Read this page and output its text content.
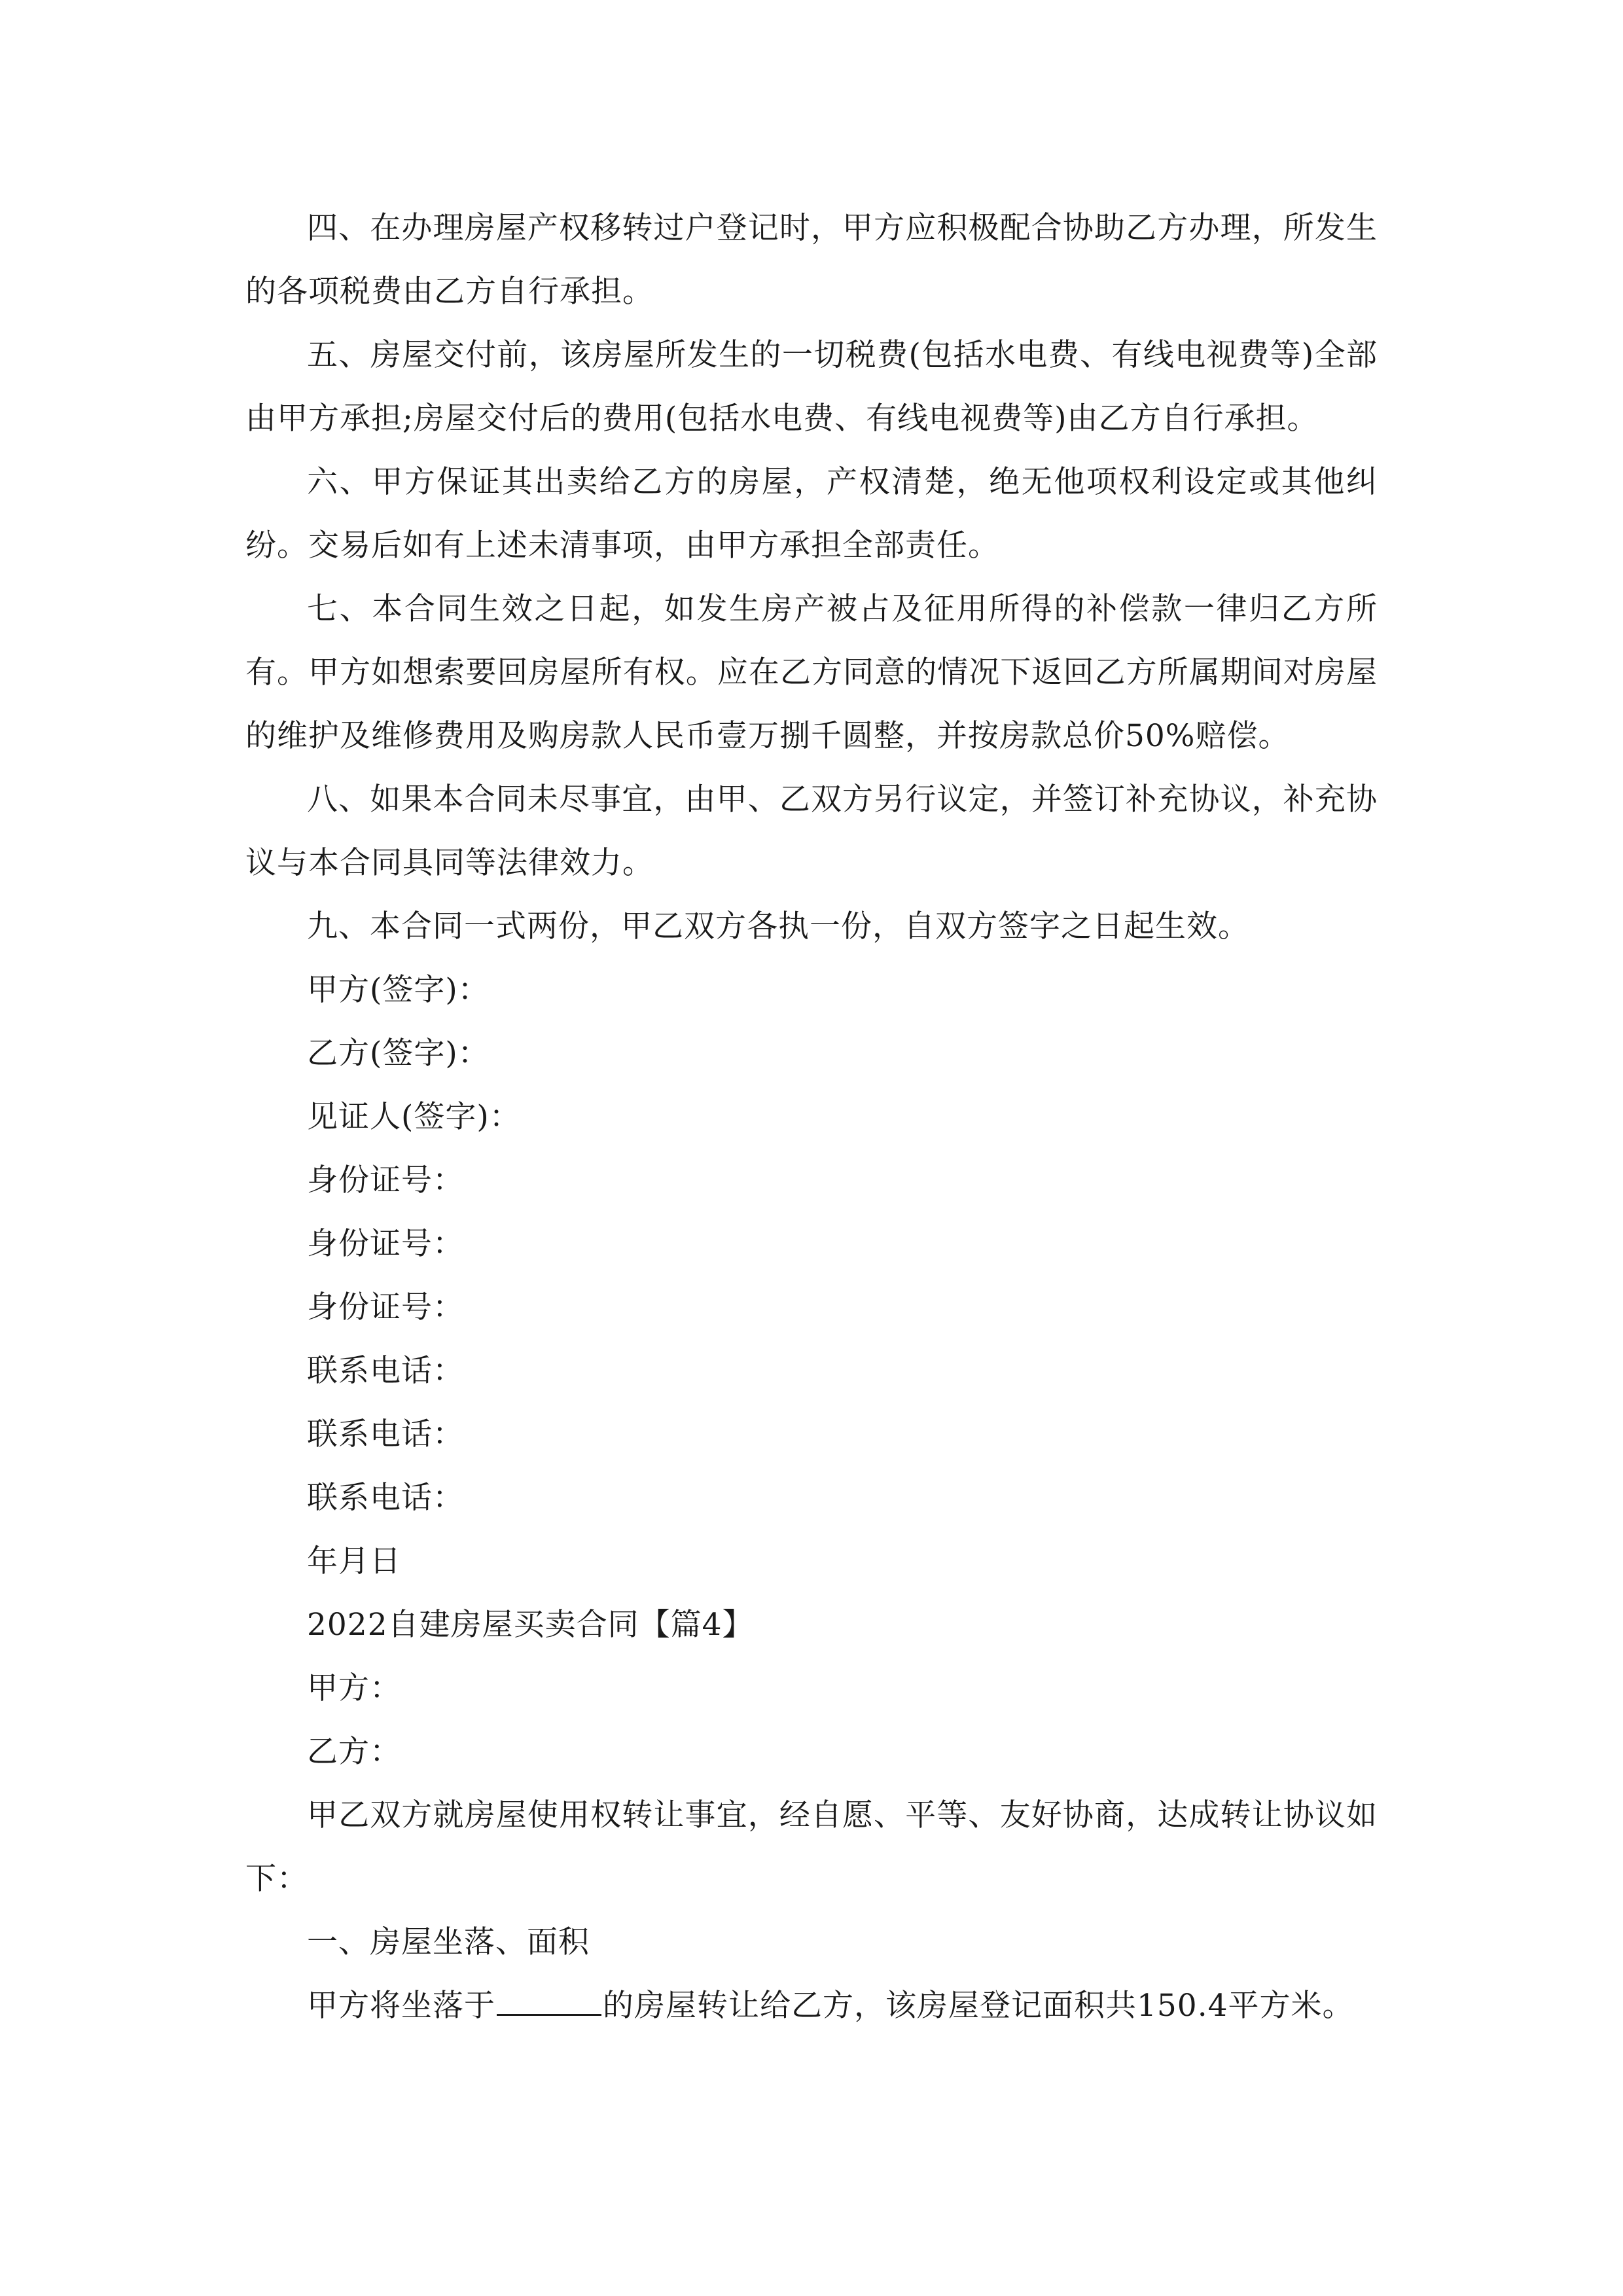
四、在办理房屋产权移转过户登记时，甲方应积极配合协助乙方办理，所发生的各项税费由乙方自行承担。

五、房屋交付前，该房屋所发生的一切税费(包括水电费、有线电视费等)全部由甲方承担;房屋交付后的费用(包括水电费、有线电视费等)由乙方自行承担。

六、甲方保证其出卖给乙方的房屋，产权清楚，绝无他项权利设定或其他纠纷。交易后如有上述未清事项，由甲方承担全部责任。

七、本合同生效之日起，如发生房产被占及征用所得的补偿款一律归乙方所有。甲方如想索要回房屋所有权。应在乙方同意的情况下返回乙方所属期间对房屋的维护及维修费用及购房款人民币壹万捌千圆整，并按房款总价50%赔偿。

八、如果本合同未尽事宜，由甲、乙双方另行议定，并签订补充协议，补充协议与本合同具同等法律效力。

九、本合同一式两份，甲乙双方各执一份，自双方签字之日起生效。

甲方(签字)：

乙方(签字)：

见证人(签字)：

身份证号：

身份证号：

身份证号：

联系电话：

联系电话：

联系电话：

年月日

2022自建房屋买卖合同【篇4】

甲方：

乙方：

甲乙双方就房屋使用权转让事宜，经自愿、平等、友好协商，达成转让协议如下：

一、房屋坐落、面积

甲方将坐落于	的房屋转让给乙方，该房屋登记面积共150.4平方米。
